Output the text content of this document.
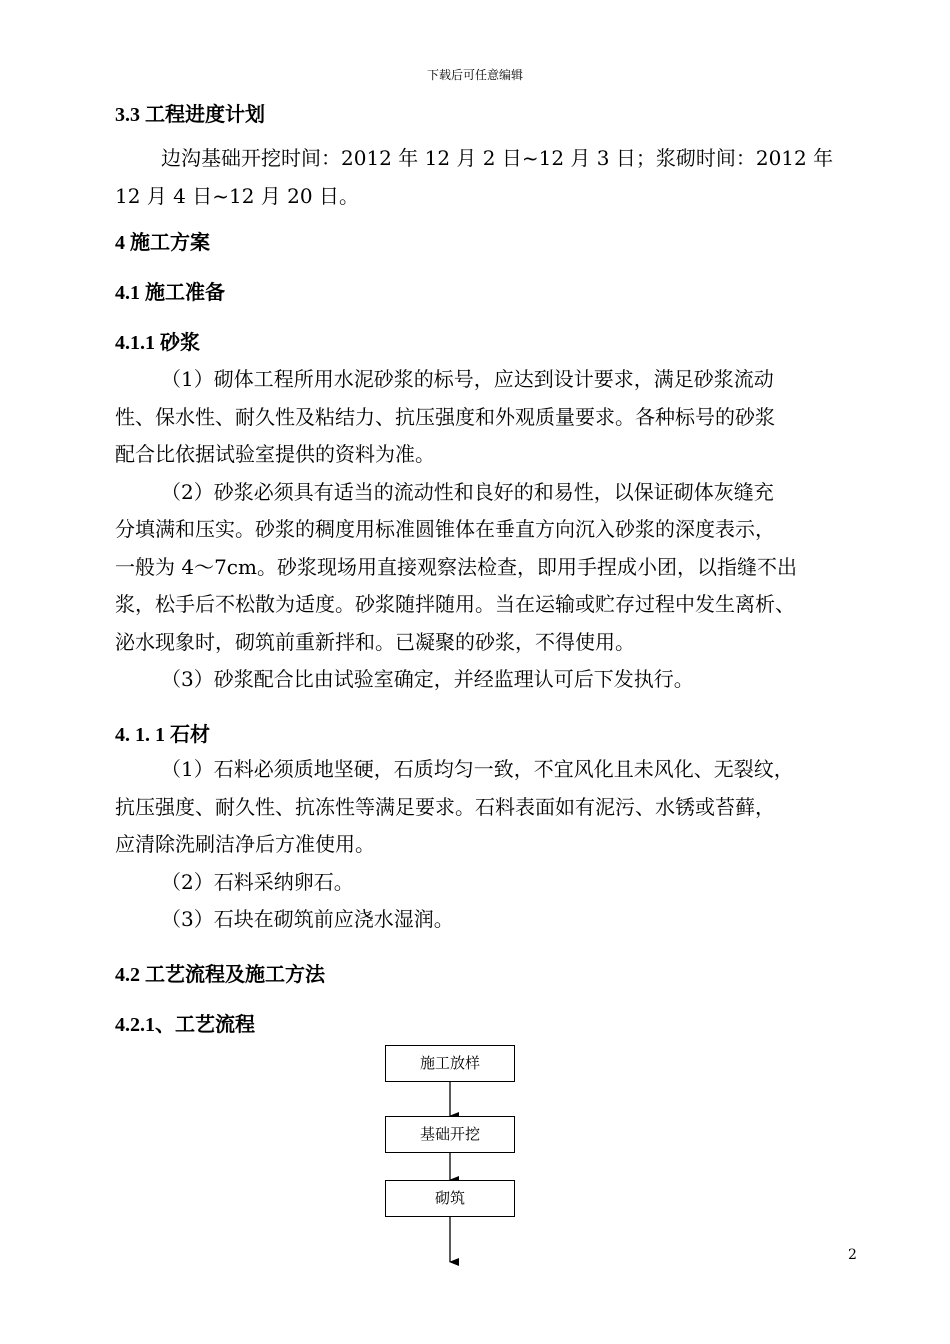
下载后可任意编辑
3.3 工程进度计划
边沟基础开挖时间：2012 年 12 月 2 日~12 月 3 日；浆砌时间：2012 年
12 月 4 日~12 月 20 日。
4 施工方案
4.1 施工准备
4.1.1 砂浆
（1）砌体工程所用水泥砂浆的标号，应达到设计要求，满足砂浆流动
性、保水性、耐久性及粘结力、抗压强度和外观质量要求。各种标号的砂浆
配合比依据试验室提供的资料为准。
（2）砂浆必须具有适当的流动性和良好的和易性，以保证砌体灰缝充
分填满和压实。砂浆的稠度用标准圆锥体在垂直方向沉入砂浆的深度表示，
一般为 4～7cm。砂浆现场用直接观察法检查，即用手捏成小团，以指缝不出
浆，松手后不松散为适度。砂浆随拌随用。当在运输或贮存过程中发生离析、
泌水现象时，砌筑前重新拌和。已凝聚的砂浆，不得使用。
（3）砂浆配合比由试验室确定，并经监理认可后下发执行。
4. 1. 1 石材
（1）石料必须质地坚硬，石质均匀一致，不宜风化且未风化、无裂纹，
抗压强度、耐久性、抗冻性等满足要求。石料表面如有泥污、水锈或苔藓，
应清除洗刷洁净后方准使用。
（2）石料采纳卵石。
（3）石块在砌筑前应浇水湿润。
4.2 工艺流程及施工方法
4.2.1、工艺流程
施工放样
基础开挖
砌筑
2
